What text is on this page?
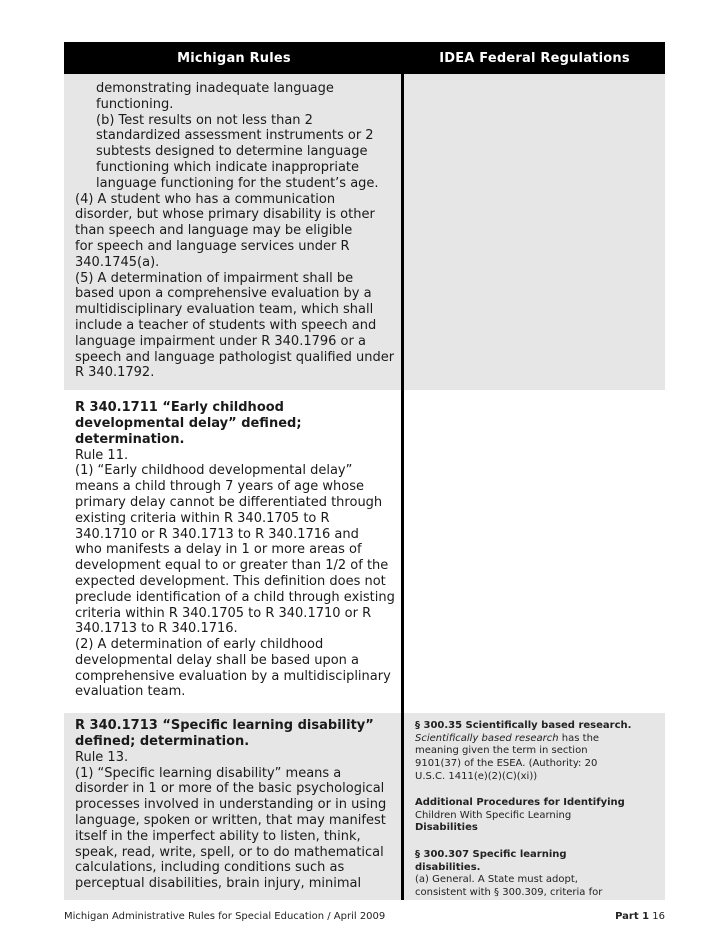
Michigan Rules	IDEA Federal Regulations

demonstrating inadequate language

functioning.

(b) Test results on not less than 2

standardized assessment instruments or 2

subtests designed to determine language

functioning which indicate inappropriate

language functioning for the student’s age.

(4) A student who has a communication

disorder, but whose primary disability is other

than speech and language may be eligible

for speech and language services under R

340.1745(a).

(5) A determination of impairment shall be

based upon a comprehensive evaluation by a

multidisciplinary evaluation team, which shall

include a teacher of students with speech and

language impairment under R 340.1796 or a

speech and language pathologist qualified under

R 340.1792.

R 340.1711 “Early childhood

developmental delay” defined;

determination.

Rule 11.

(1) “Early childhood developmental delay”

means a child through 7 years of age whose

primary delay cannot be differentiated through

existing criteria within R 340.1705 to R

340.1710 or R 340.1713 to R 340.1716 and

who manifests a delay in 1 or more areas of

development equal to or greater than 1/2 of the

expected development. This definition does not

preclude identification of a child through existing

criteria within R 340.1705 to R 340.1710 or R

340.1713 to R 340.1716.

(2) A determination of early childhood

developmental delay shall be based upon a

comprehensive evaluation by a multidisciplinary

evaluation team.

R 340.1713 “Specific learning disability”

defined; determination.

Rule 13.

(1) “Specific learning disability” means a

disorder in 1 or more of the basic psychological

processes involved in understanding or in using

language, spoken or written, that may manifest

itself in the imperfect ability to listen, think,

speak, read, write, spell, or to do mathematical

calculations, including conditions such as

perceptual disabilities, brain injury, minimal

§ 300.35 Scientifically based research.

Scientifically based research has the

meaning given the term in section

9101(37) of the ESEA. (Authority: 20

U.S.C. 1411(e)(2)(C)(xi))

Additional Procedures for Identifying

Children With Specific Learning

Disabilities

§ 300.307 Specific learning

disabilities.

(a) General. A State must adopt,

consistent with § 300.309, criteria for

Michigan Administrative Rules for Special Education / April 2009	Part 1 16
